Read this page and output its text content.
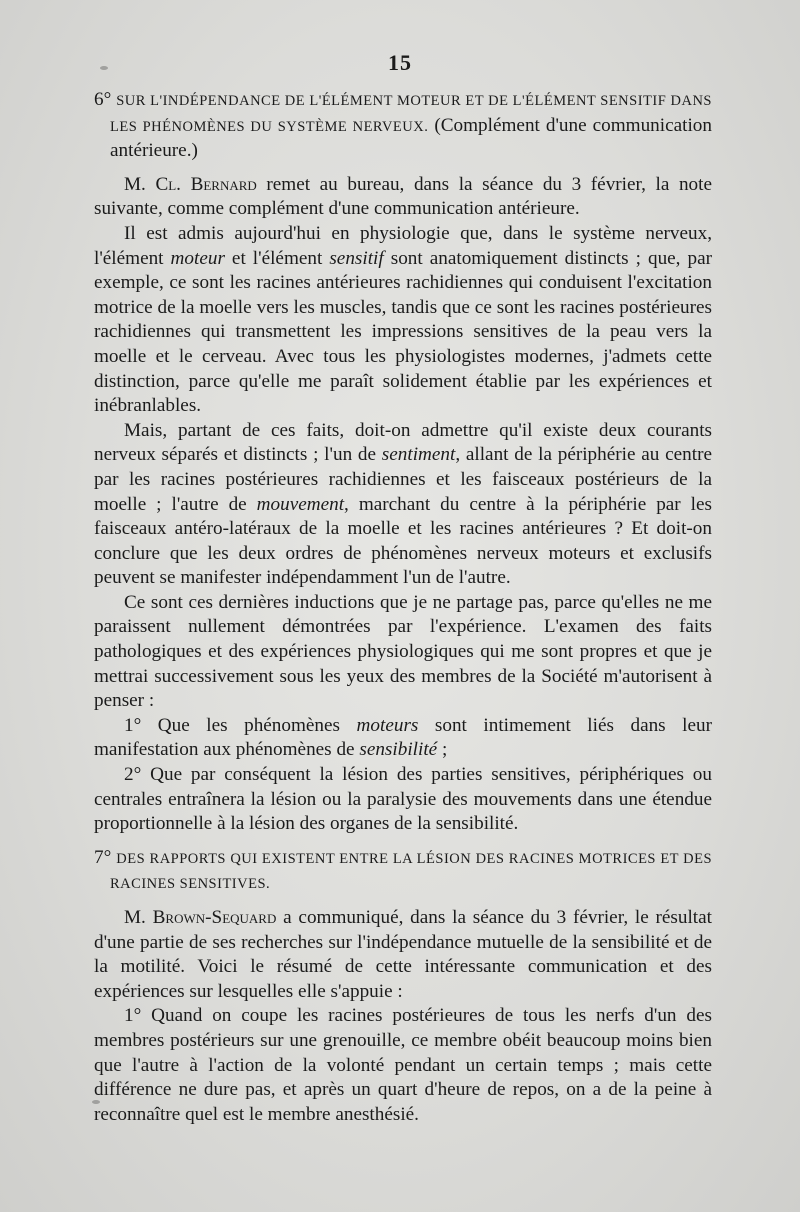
15

6° SUR L'INDÉPENDANCE DE L'ÉLÉMENT MOTEUR ET DE L'ÉLÉMENT SENSITIF DANS LES PHÉNOMÈNES DU SYSTÈME NERVEUX. (Complément d'une communication antérieure.)

M. Cl. Bernard remet au bureau, dans la séance du 3 février, la note suivante, comme complément d'une communication antérieure.

Il est admis aujourd'hui en physiologie que, dans le système nerveux, l'élément moteur et l'élément sensitif sont anatomiquement distincts ; que, par exemple, ce sont les racines antérieures rachidiennes qui conduisent l'excitation motrice de la moelle vers les muscles, tandis que ce sont les racines postérieures rachidiennes qui transmettent les impressions sensitives de la peau vers la moelle et le cerveau. Avec tous les physiologistes modernes, j'admets cette distinction, parce qu'elle me paraît solidement établie par les expériences et inébranlables.

Mais, partant de ces faits, doit-on admettre qu'il existe deux courants nerveux séparés et distincts ; l'un de sentiment, allant de la périphérie au centre par les racines postérieures rachidiennes et les faisceaux postérieurs de la moelle ; l'autre de mouvement, marchant du centre à la périphérie par les faisceaux antéro-latéraux de la moelle et les racines antérieures ? Et doit-on conclure que les deux ordres de phénomènes nerveux moteurs et exclusifs peuvent se manifester indépendamment l'un de l'autre.

Ce sont ces dernières inductions que je ne partage pas, parce qu'elles ne me paraissent nullement démontrées par l'expérience. L'examen des faits pathologiques et des expériences physiologiques qui me sont propres et que je mettrai successivement sous les yeux des membres de la Société m'autorisent à penser :

1° Que les phénomènes moteurs sont intimement liés dans leur manifestation aux phénomènes de sensibilité ;

2° Que par conséquent la lésion des parties sensitives, périphériques ou centrales entraînera la lésion ou la paralysie des mouvements dans une étendue proportionnelle à la lésion des organes de la sensibilité.

7° DES RAPPORTS QUI EXISTENT ENTRE LA LÉSION DES RACINES MOTRICES ET DES RACINES SENSITIVES.

M. Brown-Sequard a communiqué, dans la séance du 3 février, le résultat d'une partie de ses recherches sur l'indépendance mutuelle de la sensibilité et de la motilité. Voici le résumé de cette intéressante communication et des expériences sur lesquelles elle s'appuie :

1° Quand on coupe les racines postérieures de tous les nerfs d'un des membres postérieurs sur une grenouille, ce membre obéit beaucoup moins bien que l'autre à l'action de la volonté pendant un certain temps ; mais cette différence ne dure pas, et après un quart d'heure de repos, on a de la peine à reconnaître quel est le membre anesthésié.
